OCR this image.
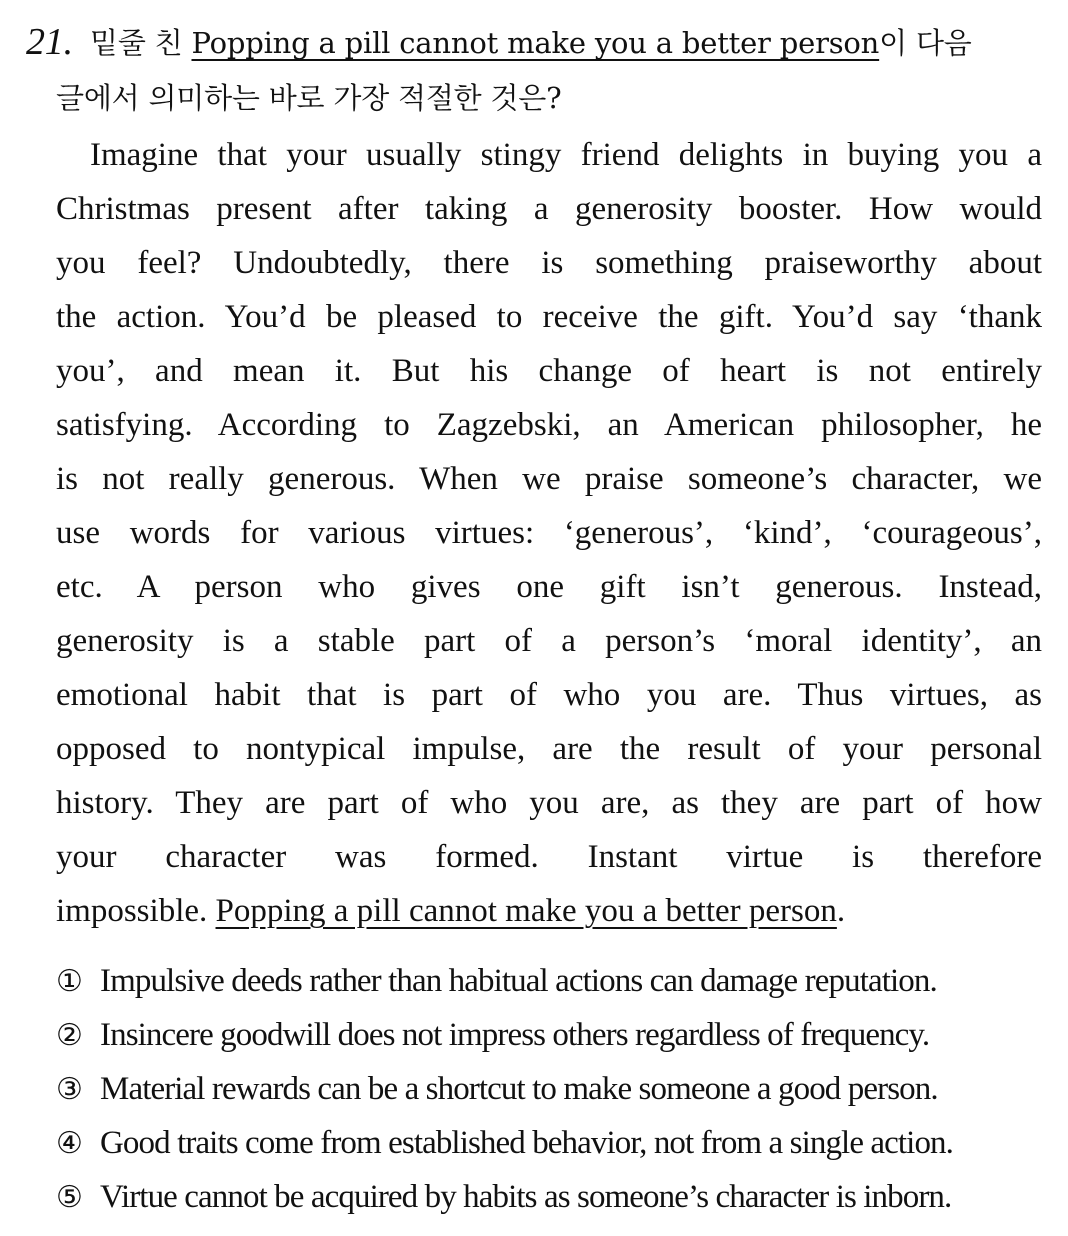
21. 밑줄 친 Popping a pill cannot make you a better person이 다음
글에서 의미하는 바로 가장 적절한 것은?
Imagine that your usually stingy friend delights in buying you a
Christmas present after taking a generosity booster. How would
you feel? Undoubtedly, there is something praiseworthy about
the action. You’d be pleased to receive the gift. You’d say ‘thank
you’, and mean it. But his change of heart is not entirely
satisfying. According to Zagzebski, an American philosopher, he
is not really generous. When we praise someone’s character, we
use words for various virtues: ‘generous’, ‘kind’, ‘courageous’,
etc. A person who gives one gift isn’t generous. Instead,
generosity is a stable part of a person’s ‘moral identity’, an
emotional habit that is part of who you are. Thus virtues, as
opposed to nontypical impulse, are the result of your personal
history. They are part of who you are, as they are part of how
your character was formed. Instant virtue is therefore
impossible. Popping a pill cannot make you a better person.
① Impulsive deeds rather than habitual actions can damage reputation.
② Insincere goodwill does not impress others regardless of frequency.
③ Material rewards can be a shortcut to make someone a good person.
④ Good traits come from established behavior, not from a single action.
⑤ Virtue cannot be acquired by habits as someone’s character is inborn.
